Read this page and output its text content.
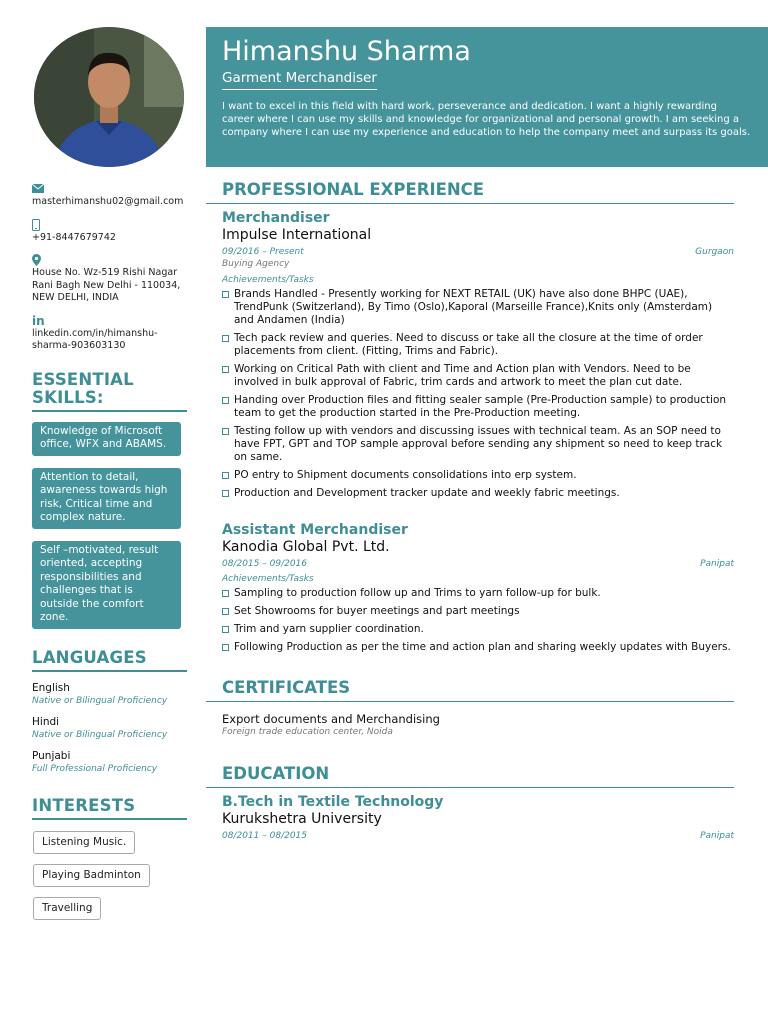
masterhimanshu02@gmail.com
+91-8447679742
House No. Wz-519 Rishi Nagar Rani Bagh New Delhi - 110034, NEW DELHI, INDIA
in
linkedin.com/in/himanshu-sharma-903603130
ESSENTIAL SKILLS:
Knowledge of Microsoft office, WFX and ABAMS.
Attention to detail, awareness towards high risk, Critical time and complex nature.
Self –motivated, result oriented, accepting responsibilities and challenges that is outside the comfort zone.
LANGUAGES
English
Native or Bilingual Proficiency
Hindi
Native or Bilingual Proficiency
Punjabi
Full Professional Proficiency
INTERESTS
Listening Music.
Playing Badminton
Travelling
Himanshu Sharma
Garment Merchandiser
I want to excel in this field with hard work, perseverance and dedication. I want a highly rewarding career where I can use my skills and knowledge for organizational and personal growth. I am seeking a company where I can use my experience and education to help the company meet and surpass its goals.
PROFESSIONAL EXPERIENCE
Merchandiser
Impulse International
09/2016 – Present	Gurgaon
Buying Agency
Achievements/Tasks
Brands Handled - Presently working for NEXT RETAIL (UK) have also done BHPC (UAE), TrendPunk (Switzerland), By Timo (Oslo),Kaporal (Marseille France),Knits only (Amsterdam) and Andamen (India)
Tech pack review and queries. Need to discuss or take all the closure at the time of order placements from client. (Fitting, Trims and Fabric).
Working on Critical Path with client and Time and Action plan with Vendors. Need to be involved in bulk approval of Fabric, trim cards and artwork to meet the plan cut date.
Handing over Production files and fitting sealer sample (Pre-Production sample) to production team to get the production started in the Pre-Production meeting.
Testing follow up with vendors and discussing issues with technical team. As an SOP need to have FPT, GPT and TOP sample approval before sending any shipment so need to keep track on same.
PO entry to Shipment documents consolidations into erp system.
Production and Development tracker update and weekly fabric meetings.
Assistant Merchandiser
Kanodia Global Pvt. Ltd.
08/2015 – 09/2016	Panipat
Achievements/Tasks
Sampling to production follow up and Trims to yarn follow-up for bulk.
Set Showrooms for buyer meetings and part meetings
Trim and yarn supplier coordination.
Following Production as per the time and action plan and sharing weekly updates with Buyers.
CERTIFICATES
Export documents and Merchandising
Foreign trade education center, Noida
EDUCATION
B.Tech in Textile Technology
Kurukshetra University
08/2011 – 08/2015	Panipat
